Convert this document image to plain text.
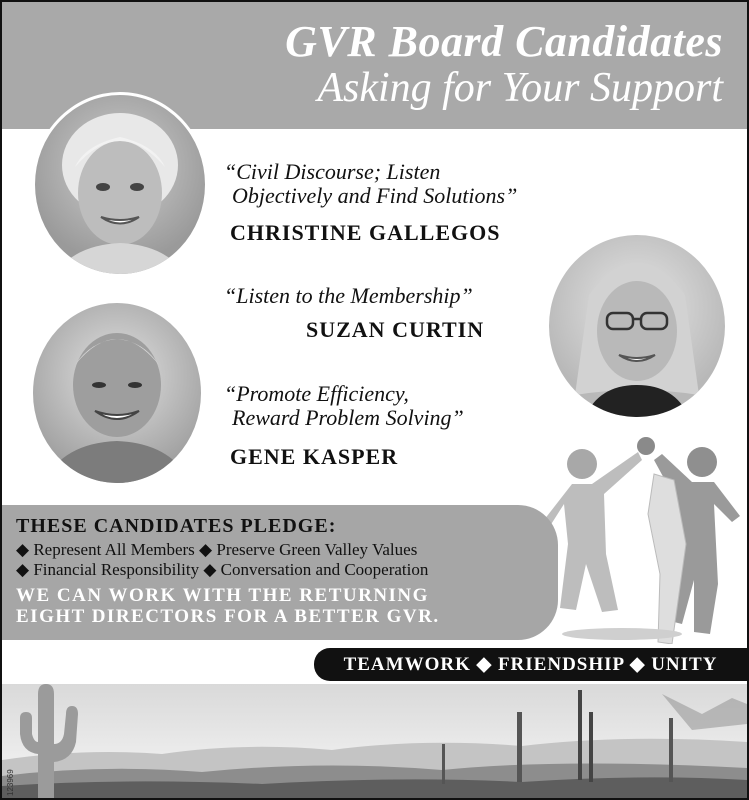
GVR Board Candidates
Asking for Your Support
“Civil Discourse; Listen
Objectively and Find Solutions”
CHRISTINE GALLEGOS
“Listen to the Membership”
SUZAN CURTIN
“Promote Efficiency,
Reward Problem Solving”
GENE KASPER
THESE CANDIDATES PLEDGE:
◆ Represent All Members ◆ Preserve Green Valley Values
◆ Financial Responsibility ◆ Conversation and Cooperation
WE CAN WORK WITH THE RETURNING
EIGHT DIRECTORS FOR A BETTER GVR.
TEAMWORK ◆ FRIENDSHIP ◆ UNITY
123969
